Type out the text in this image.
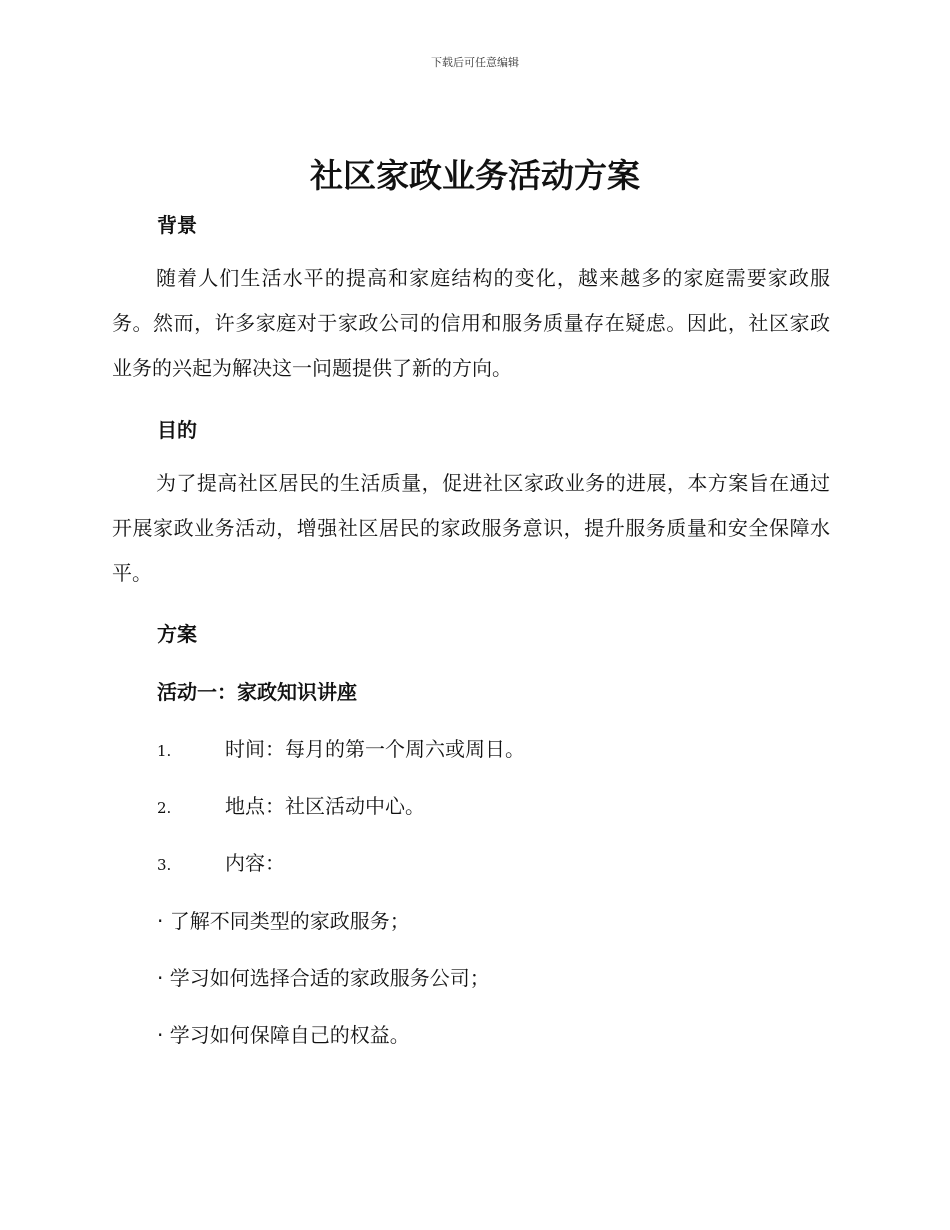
下载后可任意编辑
社区家政业务活动方案
背景

随着人们生活水平的提高和家庭结构的变化，越来越多的家庭需要家政服务。然而，许多家庭对于家政公司的信用和服务质量存在疑虑。因此，社区家政业务的兴起为解决这一问题提供了新的方向。

目的

为了提高社区居民的生活质量，促进社区家政业务的进展，本方案旨在通过开展家政业务活动，增强社区居民的家政服务意识，提升服务质量和安全保障水平。

方案
活动一：家政知识讲座
1.	时间：每月的第一个周六或周日。
2.	地点：社区活动中心。
3.	内容：
· 了解不同类型的家政服务；
· 学习如何选择合适的家政服务公司；
· 学习如何保障自己的权益。
